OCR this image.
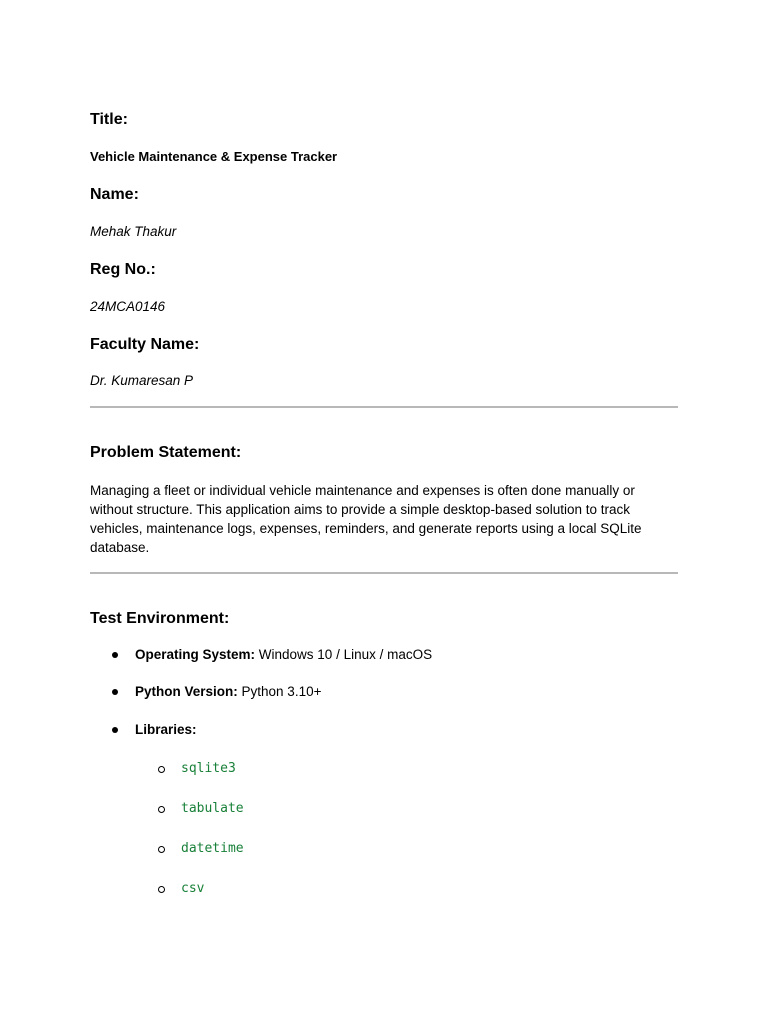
Title:
Vehicle Maintenance & Expense Tracker
Name:
Mehak Thakur
Reg No.:
24MCA0146
Faculty Name:
Dr. Kumaresan P
Problem Statement:
Managing a fleet or individual vehicle maintenance and expenses is often done manually or
without structure. This application aims to provide a simple desktop-based solution to track
vehicles, maintenance logs, expenses, reminders, and generate reports using a local SQLite
database.
Test Environment:
Operating System: Windows 10 / Linux / macOS
Python Version: Python 3.10+
Libraries:
sqlite3
tabulate
datetime
csv
